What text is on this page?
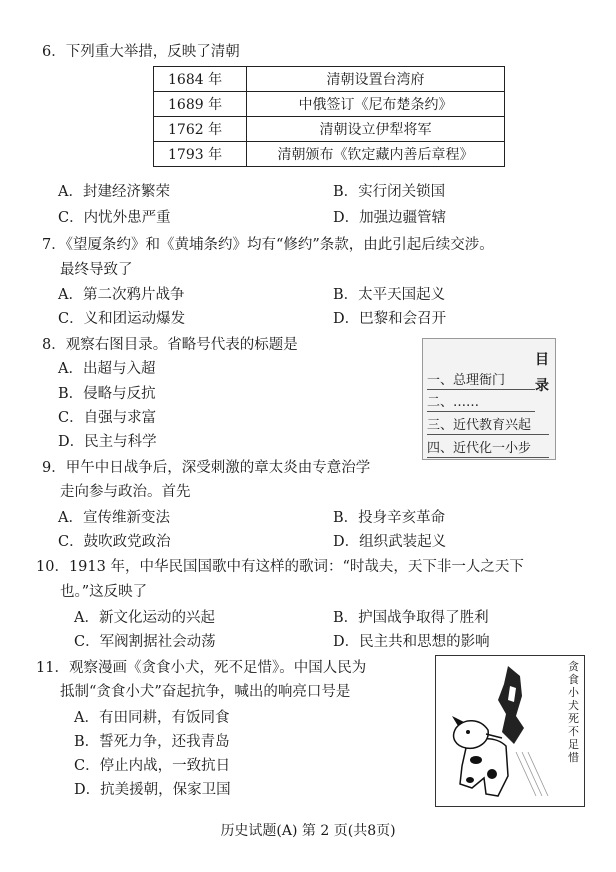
6．下列重大举措，反映了清朝
1684 年	清朝设置台湾府
1689 年	中俄签订《尼布楚条约》
1762 年	清朝设立伊犁将军
1793 年	清朝颁布《钦定藏内善后章程》
A．封建经济繁荣	B．实行闭关锁国
C．内忧外患严重	D．加强边疆管辖
7．《望厦条约》和《黄埔条约》均有“修约”条款，由此引起后续交涉。
最终导致了
A．第二次鸦片战争	B．太平天国起义
C．义和团运动爆发	D．巴黎和会召开
8．观察右图目录。省略号代表的标题是
A．出超与入超
B．侵略与反抗
C．自强与求富
D．民主与科学
目录
一、总理衙门
二、……
三、近代教育兴起
四、近代化一小步
9．甲午中日战争后，深受刺激的章太炎由专意治学
走向参与政治。首先
A．宣传维新变法	B．投身辛亥革命
C．鼓吹政党政治	D．组织武装起义
10．1913 年，中华民国国歌中有这样的歌词：“时哉夫，天下非一人之天下
也。”这反映了
A．新文化运动的兴起	B．护国战争取得了胜利
C．军阀割据社会动荡	D．民主共和思想的影响
11．观察漫画《贪食小犬，死不足惜》。中国人民为
抵制“贪食小犬”奋起抗争，喊出的响亮口号是
A．有田同耕，有饭同食
B．誓死力争，还我青岛
C．停止内战，一致抗日
D．抗美援朝，保家卫国
贪食小犬死不足惜
历史试题(A) 第 2 页(共8页)
